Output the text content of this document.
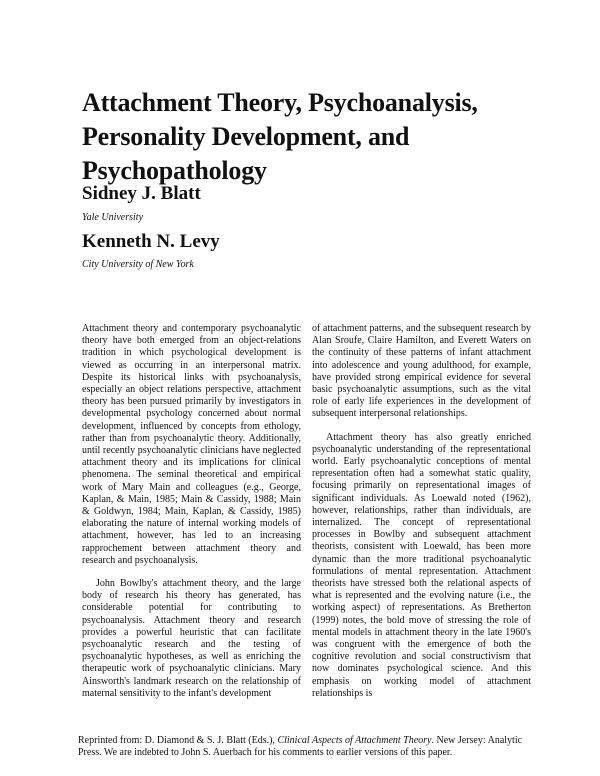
Attachment Theory, Psychoanalysis, Personality Development, and Psychopathology
Sidney J. Blatt
Yale University
Kenneth N. Levy
City University of New York

Attachment theory and contemporary psychoanalytic theory have both emerged from an object-relations tradition in which psychological development is viewed as occurring in an interpersonal matrix. Despite its historical links with psychoanalysis, especially an object relations perspective, attachment theory has been pursued primarily by investigators in developmental psychology concerned about normal development, influenced by concepts from ethology, rather than from psychoanalytic theory. Additionally, until recently psychoanalytic clinicians have neglected attachment theory and its implications for clinical phenomena. The seminal theoretical and empirical work of Mary Main and colleagues (e.g., George, Kaplan, & Main, 1985; Main & Cassidy, 1988; Main & Goldwyn, 1984; Main, Kaplan, & Cassidy, 1985) elaborating the nature of internal working models of attachment, however, has led to an increasing rapprochement between attachment theory and research and psychoanalysis.

John Bowlby's attachment theory, and the large body of research his theory has generated, has considerable potential for contributing to psychoanalysis. Attachment theory and research provides a powerful heuristic that can facilitate psychoanalytic research and the testing of psychoanalytic hypotheses, as well as enriching the therapeutic work of psychoanalytic clinicians. Mary Ainsworth's landmark research on the relationship of maternal sensitivity to the infant's development

of attachment patterns, and the subsequent research by Alan Sroufe, Claire Hamilton, and Everett Waters on the continuity of these patterns of infant attachment into adolescence and young adulthood, for example, have provided strong empirical evidence for several basic psychoanalytic assumptions, such as the vital role of early life experiences in the development of subsequent interpersonal relationships.

Attachment theory has also greatly enriched psychoanalytic understanding of the representational world. Early psychoanalytic conceptions of mental representation often had a somewhat static quality, focusing primarily on representational images of significant individuals. As Loewald noted (1962), however, relationships, rather than individuals, are internalized. The concept of representational processes in Bowlby and subsequent attachment theorists, consistent with Loewald, has been more dynamic than the more traditional psychoanalytic formulations of mental representation. Attachment theorists have stressed both the relational aspects of what is represented and the evolving nature (i.e., the working aspect) of representations. As Bretherton (1999) notes, the bold move of stressing the role of mental models in attachment theory in the late 1960's was congruent with the emergence of both the cognitive revolution and social constructivism that now dominates psychological science. And this emphasis on working model of attachment relationships is

Reprinted from: D. Diamond & S. J. Blatt (Eds.), Clinical Aspects of Attachment Theory. New Jersey: Analytic Press. We are indebted to John S. Auerbach for his comments to earlier versions of this paper.
